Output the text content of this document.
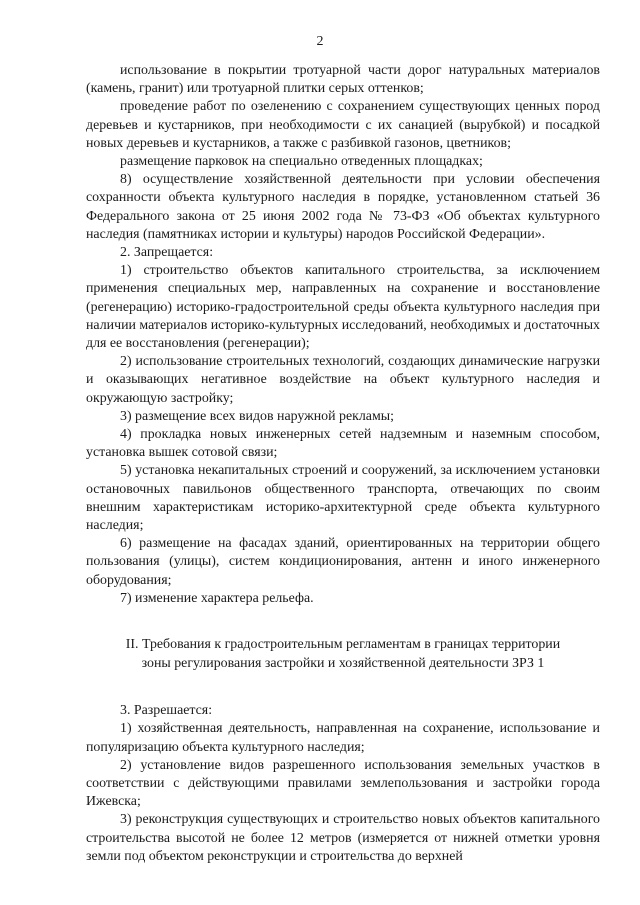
2

использование в покрытии тротуарной части дорог натуральных материалов (камень, гранит) или тротуарной плитки серых оттенков;

проведение работ по озеленению с сохранением существующих ценных пород деревьев и кустарников, при необходимости с их санацией (вырубкой) и посадкой новых деревьев и кустарников, а также с разбивкой газонов, цветников;

размещение парковок на специально отведенных площадках;

8) осуществление хозяйственной деятельности при условии обеспечения сохранности объекта культурного наследия в порядке, установленном статьей 36 Федерального закона от 25 июня 2002 года № 73-ФЗ «Об объектах культурного наследия (памятниках истории и культуры) народов Российской Федерации».

2. Запрещается:

1) строительство объектов капитального строительства, за исключением применения специальных мер, направленных на сохранение и восстановление (регенерацию) историко-градостроительной среды объекта культурного наследия при наличии материалов историко-культурных исследований, необходимых и достаточных для ее восстановления (регенерации);

2) использование строительных технологий, создающих динамические нагрузки и оказывающих негативное воздействие на объект культурного наследия и окружающую застройку;

3) размещение всех видов наружной рекламы;

4) прокладка новых инженерных сетей надземным и наземным способом, установка вышек сотовой связи;

5) установка некапитальных строений и сооружений, за исключением установки остановочных павильонов общественного транспорта, отвечающих по своим внешним характеристикам историко-архитектурной среде объекта культурного наследия;

6) размещение на фасадах зданий, ориентированных на территории общего пользования (улицы), систем кондиционирования, антенн и иного инженерного оборудования;

7) изменение характера рельефа.

II. Требования к градостроительным регламентам в границах территории
зоны регулирования застройки и хозяйственной деятельности ЗРЗ 1

3. Разрешается:

1) хозяйственная деятельность, направленная на сохранение, использование и популяризацию объекта культурного наследия;

2) установление видов разрешенного использования земельных участков в соответствии с действующими правилами землепользования и застройки города Ижевска;

3) реконструкция существующих и строительство новых объектов капитального строительства высотой не более 12 метров (измеряется от нижней отметки уровня земли под объектом реконструкции и строительства до верхней
